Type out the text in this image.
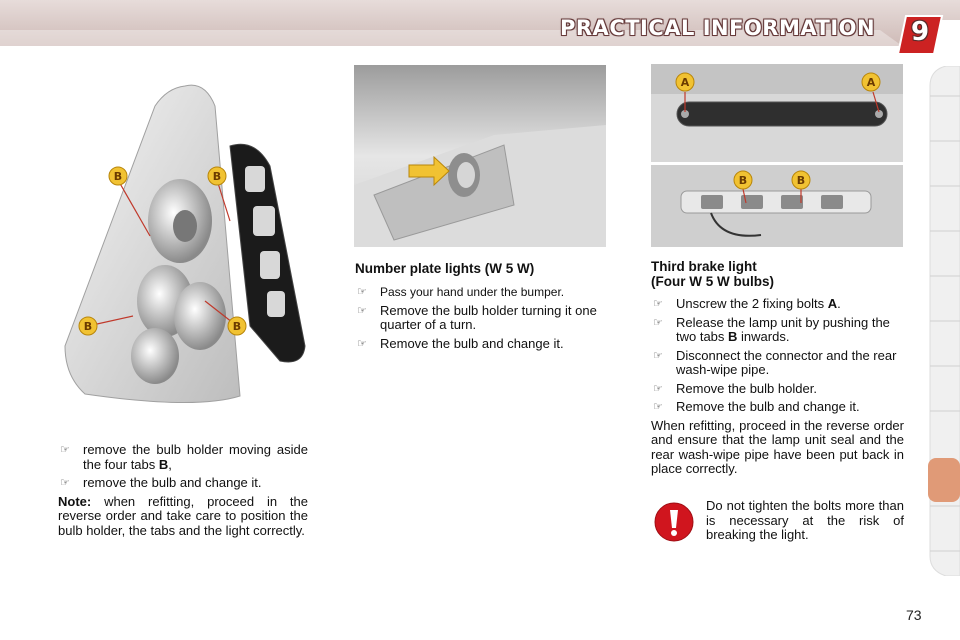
PRACTICAL INFORMATION	9
B	B
B	B
A	A
B	B
☞ remove the bulb holder moving aside the four tabs B,
☞ remove the bulb and change it.
Note: when refitting, proceed in the reverse order and take care to position the bulb holder, the tabs and the light correctly.
Number plate lights (W 5 W)
☞ Pass your hand under the bumper.
☞ Remove the bulb holder turning it one quarter of a turn.
☞ Remove the bulb and change it.
Third brake light
(Four W 5 W bulbs)
☞ Unscrew the 2 fixing bolts A.
☞ Release the lamp unit by pushing the two tabs B inwards.
☞ Disconnect the connector and the rear wash-wipe pipe.
☞ Remove the bulb holder.
☞ Remove the bulb and change it.
When refitting, proceed in the reverse order and ensure that the lamp unit seal and the rear wash-wipe pipe have been put back in place correctly.
Do not tighten the bolts more than is necessary at the risk of breaking the light.
73
